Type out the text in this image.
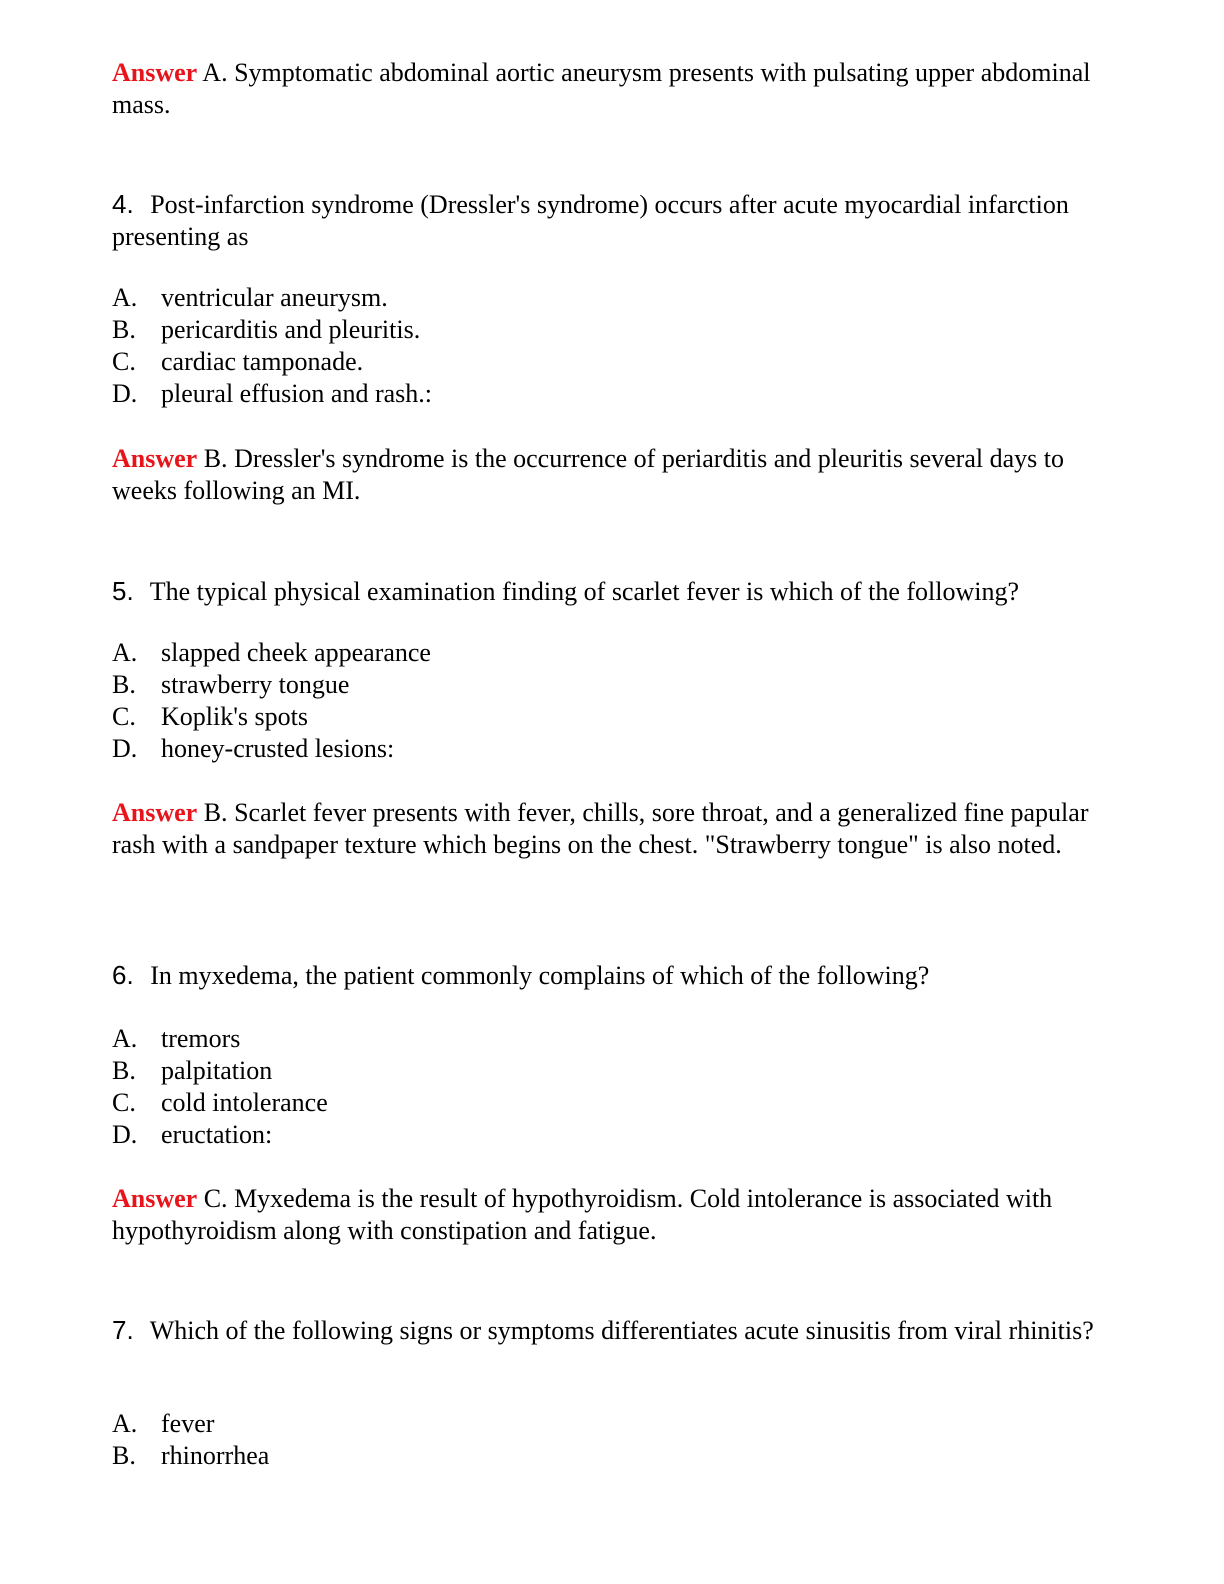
Answer A. Symptomatic abdominal aortic aneurysm presents with pulsating upper abdominal mass.
4. Post-infarction syndrome (Dressler's syndrome) occurs after acute myocardial infarction presenting as
A. ventricular aneurysm.
B. pericarditis and pleuritis.
C. cardiac tamponade.
D. pleural effusion and rash.:
Answer B. Dressler's syndrome is the occurrence of periarditis and pleuritis several days to weeks following an MI.
5. The typical physical examination finding of scarlet fever is which of the following?
A. slapped cheek appearance
B. strawberry tongue
C. Koplik's spots
D. honey-crusted lesions:
Answer B. Scarlet fever presents with fever, chills, sore throat, and a generalized fine papular rash with a sandpaper texture which begins on the chest. "Strawberry tongue" is also noted.
6. In myxedema, the patient commonly complains of which of the following?
A. tremors
B. palpitation
C. cold intolerance
D. eructation:
Answer C. Myxedema is the result of hypothyroidism. Cold intolerance is associated with hypothyroidism along with constipation and fatigue.
7. Which of the following signs or symptoms differentiates acute sinusitis from viral rhinitis?
A. fever
B. rhinorrhea
